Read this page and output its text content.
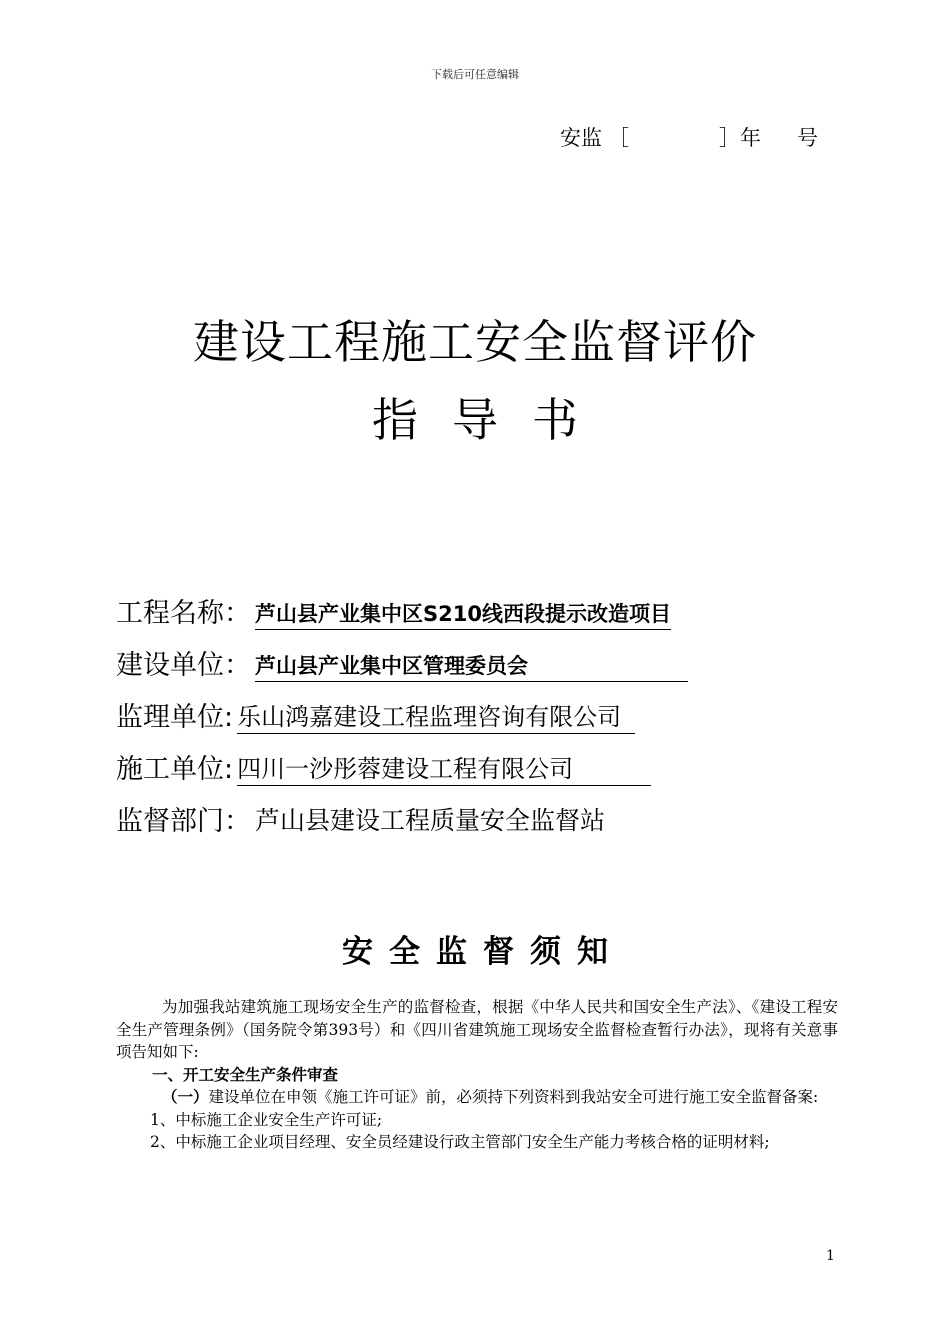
下载后可任意编辑
安监 ［	］年 号
建设工程施工安全监督评价
指导书
工程名称： 芦山县产业集中区S210线西段提示改造项目
建设单位： 芦山县产业集中区管理委员会
监理单位: 乐山鸿嘉建设工程监理咨询有限公司
施工单位: 四川一沙彤蓉建设工程有限公司
监督部门： 芦山县建设工程质量安全监督站
安全监督须知

为加强我站建筑施工现场安全生产的监督检查，根据《中华人民共和国安全生产法》、《建设工程安全生产管理条例》（国务院令第393号）和《四川省建筑施工现场安全监督检查暂行办法》，现将有关意事项告知如下:

一、开工安全生产条件审查

（一）建设单位在申领《施工许可证》前，必须持下列资料到我站安全可进行施工安全监督备案:

1、中标施工企业安全生产许可证;

2、中标施工企业项目经理、安全员经建设行政主管部门安全生产能力考核合格的证明材料;

1
